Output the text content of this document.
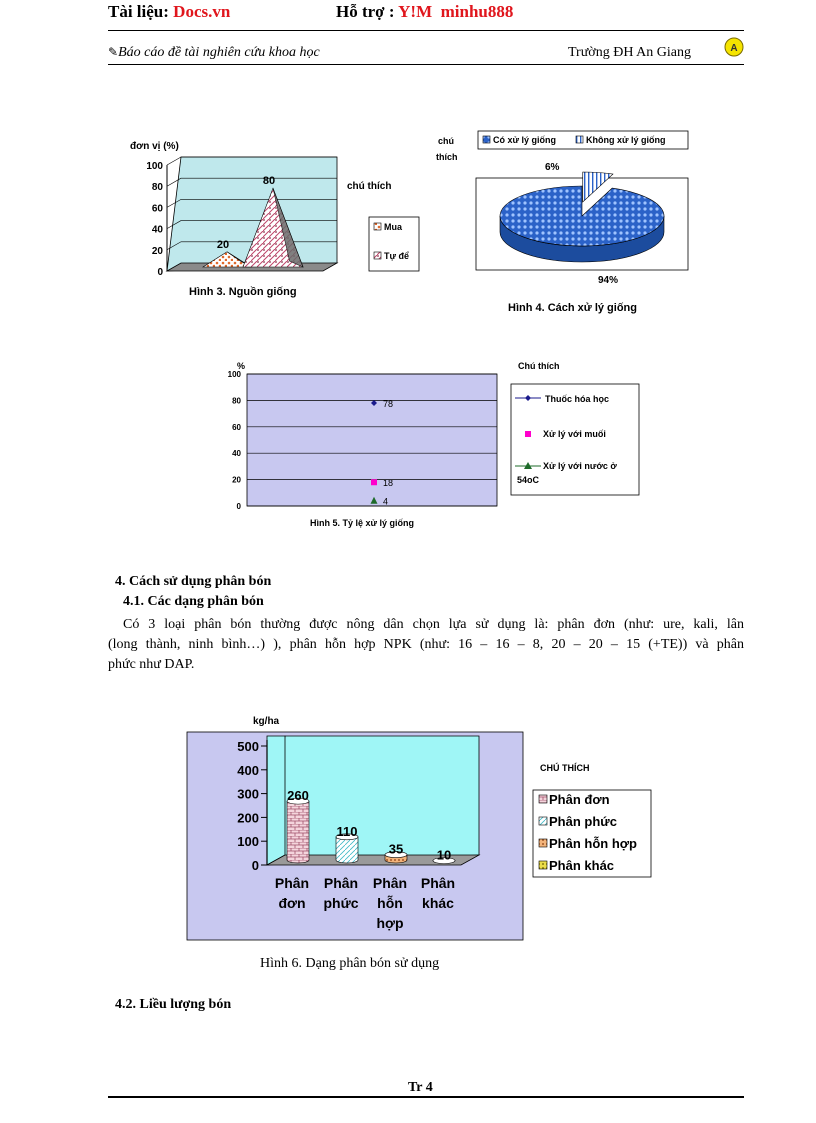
Tài liệu: Docs.vn	Hỗ trợ : Y!M minhu888
✎Báo cáo đề tài nghiên cứu khoa học	Trường ĐH An Giang	A
đơn vị (%)
100
80
60
40
20
0
20
80	chú thích
Mua
Tự để
Hình 3. Nguồn giống
chú
thích
Có xử lý giống	Không xử lý giống
6%
94%
Hình 4. Cách xử lý giống
%
100
80
60
40
20
0
78
18
4
Chú thích
Thuốc hóa học
Xử lý với muối
Xử lý với nước ở
54oC
Hình 5. Tỷ lệ xử lý giống
4. Cách sử dụng phân bón
4.1. Các dạng phân bón
Có 3 loại phân bón thường được nông dân chọn lựa sử dụng là: phân đơn (như: ure, kali, lân
(long thành, ninh bình…) ), phân hỗn hợp NPK (như: 16 – 16 – 8, 20 – 20 – 15 (+TE)) và phân
phức như DAP.
kg/ha
500
400
300
200
100
0
260
110
35	10
Phân
đơn
Phân
phức
Phân
hỗn
hợp
Phân
khác
CHÚ THÍCH
Phân đơn
Phân phức
Phân hỗn hợp
Phân khác
Hình 6. Dạng phân bón sử dụng
4.2. Liều lượng bón
Tr 4
